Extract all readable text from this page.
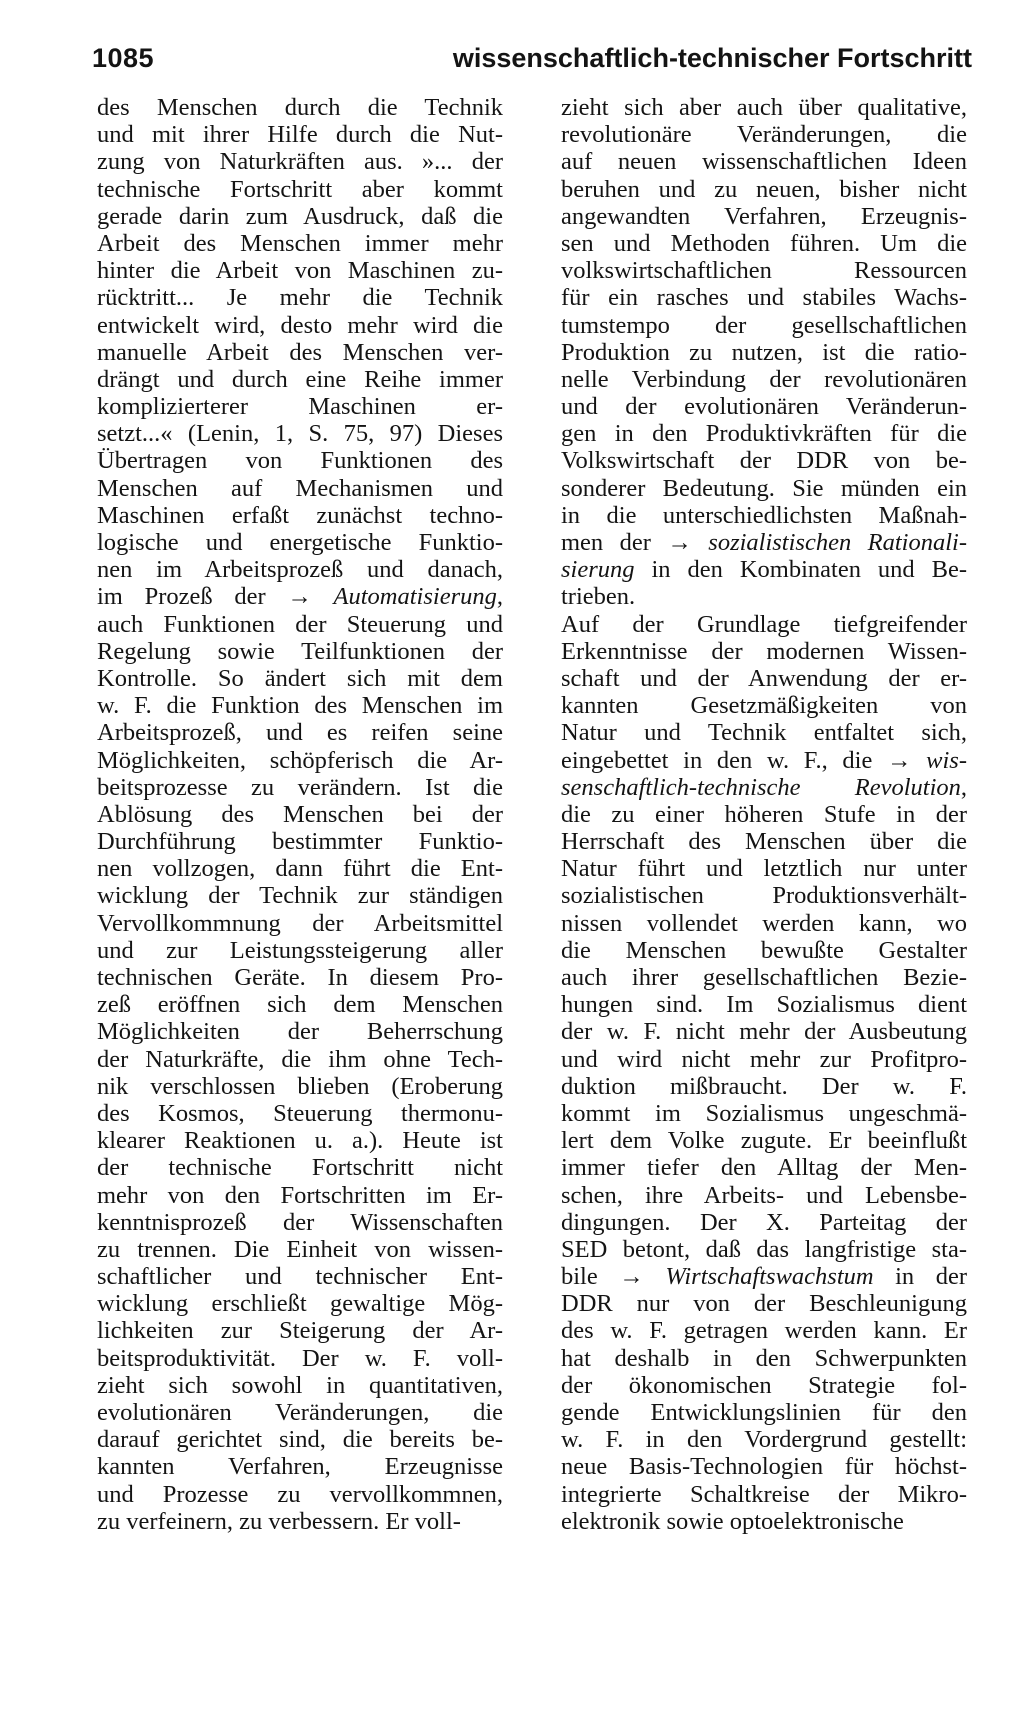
1085	wissenschaftlich-technischer Fortschritt
des Menschen durch die Technik
und mit ihrer Hilfe durch die Nut-
zung von Naturkräften aus. »... der
technische Fortschritt aber kommt
gerade darin zum Ausdruck, daß die
Arbeit des Menschen immer mehr
hinter die Arbeit von Maschinen zu-
rücktritt... Je mehr die Technik
entwickelt wird, desto mehr wird die
manuelle Arbeit des Menschen ver-
drängt und durch eine Reihe immer
komplizierterer Maschinen er-
setzt...« (Lenin, 1, S. 75, 97) Dieses
Übertragen von Funktionen des
Menschen auf Mechanismen und
Maschinen erfaßt zunächst techno-
logische und energetische Funktio-
nen im Arbeitsprozeß und danach,
im Prozeß der → Automatisierung,
auch Funktionen der Steuerung und
Regelung sowie Teilfunktionen der
Kontrolle. So ändert sich mit dem
w. F. die Funktion des Menschen im
Arbeitsprozeß, und es reifen seine
Möglichkeiten, schöpferisch die Ar-
beitsprozesse zu verändern. Ist die
Ablösung des Menschen bei der
Durchführung bestimmter Funktio-
nen vollzogen, dann führt die Ent-
wicklung der Technik zur ständigen
Vervollkommnung der Arbeitsmittel
und zur Leistungssteigerung aller
technischen Geräte. In diesem Pro-
zeß eröffnen sich dem Menschen
Möglichkeiten der Beherrschung
der Naturkräfte, die ihm ohne Tech-
nik verschlossen blieben (Eroberung
des Kosmos, Steuerung thermonu-
klearer Reaktionen u. a.). Heute ist
der technische Fortschritt nicht
mehr von den Fortschritten im Er-
kenntnisprozeß der Wissenschaften
zu trennen. Die Einheit von wissen-
schaftlicher und technischer Ent-
wicklung erschließt gewaltige Mög-
lichkeiten zur Steigerung der Ar-
beitsproduktivität. Der w. F. voll-
zieht sich sowohl in quantitativen,
evolutionären Veränderungen, die
darauf gerichtet sind, die bereits be-
kannten Verfahren, Erzeugnisse
und Prozesse zu vervollkommnen,
zu verfeinern, zu verbessern. Er voll-
zieht sich aber auch über qualitative,
revolutionäre Veränderungen, die
auf neuen wissenschaftlichen Ideen
beruhen und zu neuen, bisher nicht
angewandten Verfahren, Erzeugnis-
sen und Methoden führen. Um die
volkswirtschaftlichen Ressourcen
für ein rasches und stabiles Wachs-
tumstempo der gesellschaftlichen
Produktion zu nutzen, ist die ratio-
nelle Verbindung der revolutionären
und der evolutionären Veränderun-
gen in den Produktivkräften für die
Volkswirtschaft der DDR von be-
sonderer Bedeutung. Sie münden ein
in die unterschiedlichsten Maßnah-
men der → sozialistischen Rationali-
sierung in den Kombinaten und Be-
trieben.
Auf der Grundlage tiefgreifender
Erkenntnisse der modernen Wissen-
schaft und der Anwendung der er-
kannten Gesetzmäßigkeiten von
Natur und Technik entfaltet sich,
eingebettet in den w. F., die → wis-
senschaftlich-technische Revolution,
die zu einer höheren Stufe in der
Herrschaft des Menschen über die
Natur führt und letztlich nur unter
sozialistischen Produktionsverhält-
nissen vollendet werden kann, wo
die Menschen bewußte Gestalter
auch ihrer gesellschaftlichen Bezie-
hungen sind. Im Sozialismus dient
der w. F. nicht mehr der Ausbeutung
und wird nicht mehr zur Profitpro-
duktion mißbraucht. Der w. F.
kommt im Sozialismus ungeschmä-
lert dem Volke zugute. Er beeinflußt
immer tiefer den Alltag der Men-
schen, ihre Arbeits- und Lebensbe-
dingungen. Der X. Parteitag der
SED betont, daß das langfristige sta-
bile → Wirtschaftswachstum in der
DDR nur von der Beschleunigung
des w. F. getragen werden kann. Er
hat deshalb in den Schwerpunkten
der ökonomischen Strategie fol-
gende Entwicklungslinien für den
w. F. in den Vordergrund gestellt:
neue Basis-Technologien für höchst-
integrierte Schaltkreise der Mikro-
elektronik sowie optoelektronische
